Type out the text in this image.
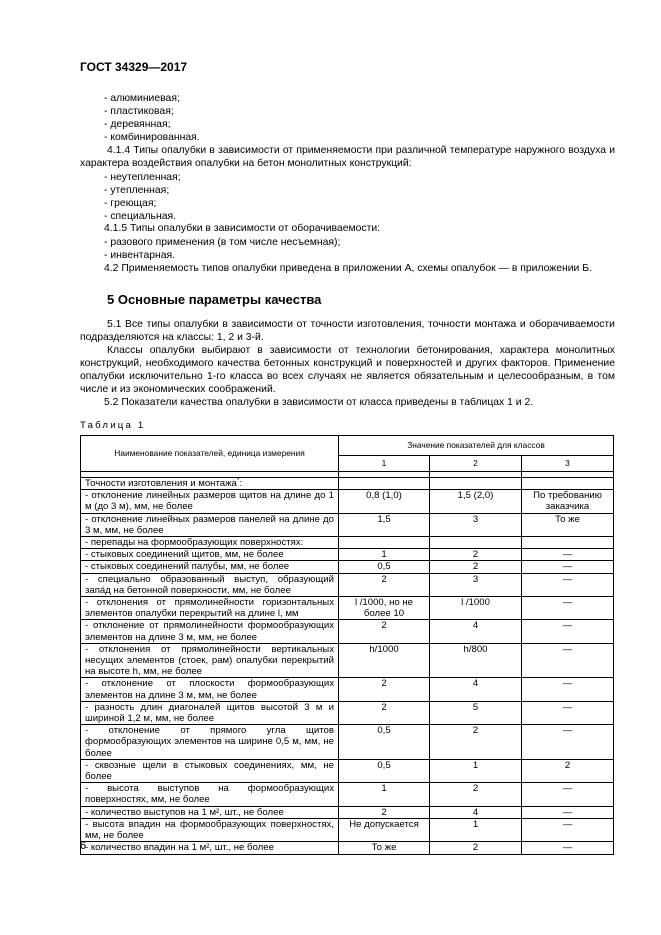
ГОСТ 34329—2017
- алюминиевая;
- пластиковая;
- деревянная;
- комбинированная.
4.1.4 Типы опалубки в зависимости от применяемости при различной температуре наружного воздуха и характера воздействия опалубки на бетон монолитных конструкций:
- неутепленная;
- утепленная;
- греющая;
- специальная.
4.1.5 Типы опалубки в зависимости от оборачиваемости:
- разового применения (в том числе несъемная);
- инвентарная.
4.2 Применяемость типов опалубки приведена в приложении А, схемы опалубок — в приложении Б.
5 Основные параметры качества
5.1 Все типы опалубки в зависимости от точности изготовления, точности монтажа и оборачиваемости подразделяются на классы: 1, 2 и 3-й.
Классы опалубки выбирают в зависимости от технологии бетонирования, характера монолитных конструкций, необходимого качества бетонных конструкций и поверхностей и других факторов. Применение опалубки исключительно 1-го класса во всех случаях не является обязательным и целесообразным, в том числе и из экономических соображений.
5.2 Показатели качества опалубки в зависимости от класса приведены в таблицах 1 и 2.
Таблица 1
Наименование показателей, единица измерения	Значение показателей для классов		
	1	2	3

Точности изготовления и монтажа*:			
- отклонение линейных размеров щитов на длине до 1 м (до 3 м), мм, не более	0,8 (1,0)	1,5 (2,0)	По требованию заказчика
- отклонение линейных размеров панелей на длине до 3 м, мм, не более	1,5	3	То же
- перепады на формообразующих поверхностях:			
- стыковых соединений щитов, мм, не более	1	2	—
- стыковых соединений палубы, мм, не более	0,5	2	—
- специально образованный выступ, образующий запáд на бетонной поверхности, мм, не более	2	3	—
- отклонения от прямолинейности горизонтальных элементов опалубки перекрытий на длине l, мм	l /1000, но не более 10	l /1000	—
- отклонение от прямолинейности формообразующих элементов на длине 3 м, мм, не более	2	4	—
- отклонения от прямолинейности вертикальных несущих элементов (стоек, рам) опалубки перекрытий на высоте h, мм, не более	h/1000	h/800	—
- отклонение от плоскости формообразующих элементов на длине 3 м, мм, не более	2	4	—
- разность длин диагоналей щитов высотой 3 м и шириной 1,2 м, мм, не более	2	5	—
- отклонение от прямого угла щитов формообразующих элементов на ширине 0,5 м, мм, не более	0,5	2	—
- сквозные щели в стыковых соединениях, мм, не более	0,5	1	2
- высота выступов на формообразующих поверхностях, мм, не более	1	2	—
- количество выступов на 1 м², шт., не более	2	4	—
- высота впадин на формообразующих поверхностях, мм, не более	Не допускается	1	—
- количество впадин на 1 м², шт., не более	То же	2	—
6
